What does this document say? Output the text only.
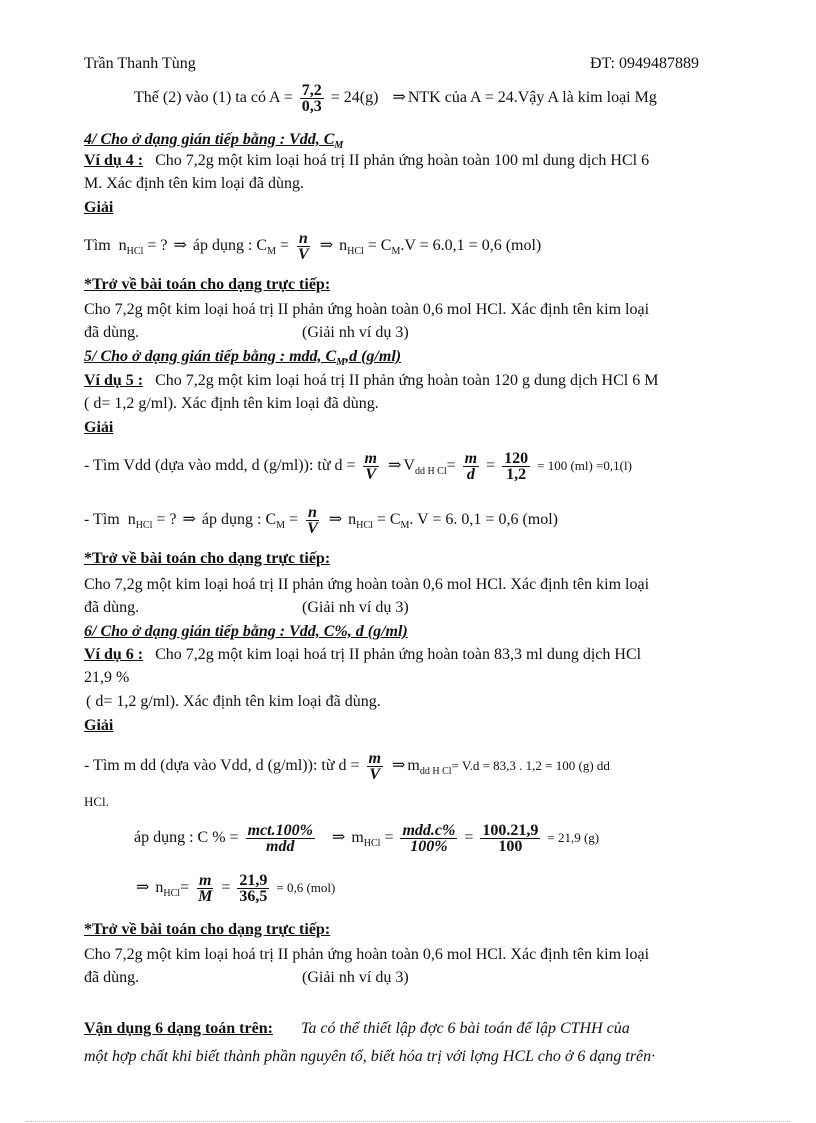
Trần Thanh Tùng	ĐT: 0949487889
Thế (2) vào (1) ta có $A = \frac{7,2}{0,3} = 24(g)$ ⇒ NTK của A = 24.Vậy A là kim loại Mg
4/ Cho ở dạng gián tiếp bằng : Vdd, $C_M$
Ví dụ 4 : Cho 7,2g một kim loại hoá trị II phản ứng hoàn toàn 100 ml dung dịch HCl 6
M. Xác định tên kim loại đã dùng.
Giải
Tìm $n_{HCl}$ = ? ⇒ áp dụng : $C_M = \frac{n}{V}$ ⇒ $n_{HCl} = C_M.V = 6.0,1 = 0,6$ (mol)
*Trở về bài toán cho dạng trực tiếp:
Cho 7,2g một kim loại hoá trị II phản ứng hoàn toàn 0,6 mol HCl. Xác định tên kim loại
đã dùng.	(Giải nh ví dụ 3)
5/ Cho ở dạng gián tiếp bằng : mdd, $C_M,d$ (g/ml)
Ví dụ 5 : Cho 7,2g một kim loại hoá trị II phản ứng hoàn toàn 120 g dung dịch HCl 6 M
( d= 1,2 g/ml). Xác định tên kim loại đã dùng.
Giải
- Tìm Vdd (dựa vào mdd, d (g/ml)): từ $d = \frac{m}{V}$ ⇒ $V_{dd H Cl}= \frac{m}{d} = \frac{120}{1,2} = 100$ (ml) =0,1(l)
- Tìm $n_{HCl}$ = ? ⇒ áp dụng : $C_M = \frac{n}{V}$ ⇒ $n_{HCl} = C_M$. V = 6. 0,1 = 0,6 (mol)
*Trở về bài toán cho dạng trực tiếp:
Cho 7,2g một kim loại hoá trị II phản ứng hoàn toàn 0,6 mol HCl. Xác định tên kim loại
đã dùng.	(Giải nh ví dụ 3)
6/ Cho ở dạng gián tiếp bằng : Vdd, C%, d (g/ml)
Ví dụ 6 : Cho 7,2g một kim loại hoá trị II phản ứng hoàn toàn 83,3 ml dung dịch HCl
21,9 %
( d= 1,2 g/ml). Xác định tên kim loại đã dùng.
Giải
- Tìm m dd (dựa vào Vdd, d (g/ml)): từ $d = \frac{m}{V}$ ⇒ $m_{dd H Cl}= V.d = 83,3$ . 1,2 = 100 (g) dd
HCl.
áp dụng : C % = $\frac{\text{mct.100\%}}{\text{mdd}}$ ⇒ $m_{HCl} = \frac{\text{mdd.c\%}}{100\%} = \frac{100.21,9}{100} = 21,9$ (g)
⇒ $n_{HCl}= \frac{m}{M} = \frac{21,9}{36,5} = 0,6$ (mol)
*Trở về bài toán cho dạng trực tiếp:
Cho 7,2g một kim loại hoá trị II phản ứng hoàn toàn 0,6 mol HCl. Xác định tên kim loại
đã dùng.	(Giải nh ví dụ 3)
Vận dụng 6 dạng toán trên: Ta có thể thiết lập đợc 6 bài toán để lập CTHH của
một hợp chất khi biết thành phần nguyên tố, biết hóa trị với lợng HCL cho ở 6 dạng trên·
